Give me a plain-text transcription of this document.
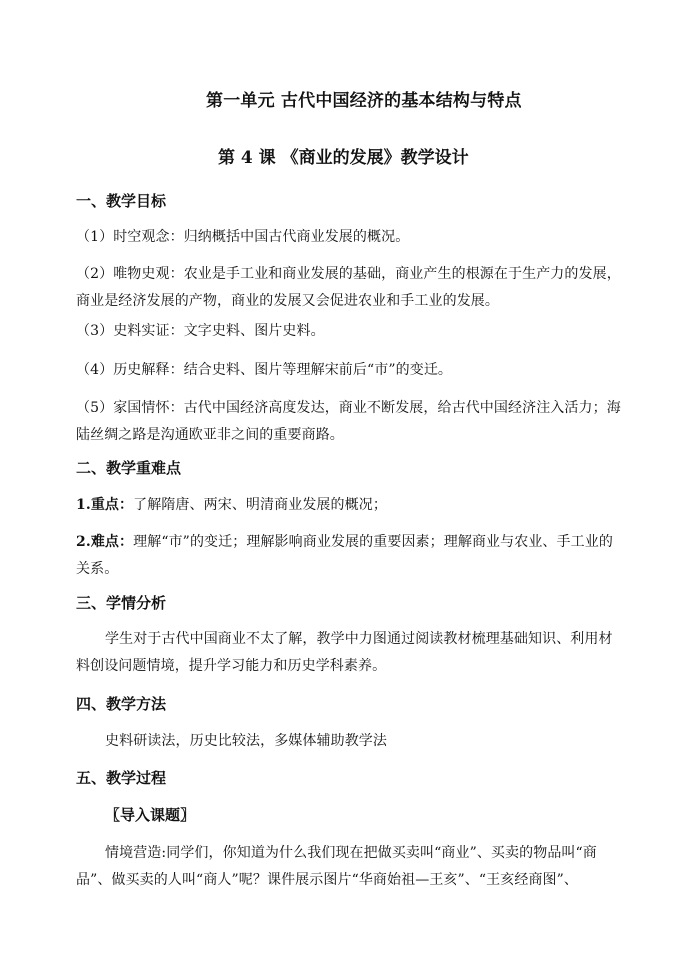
第一单元 古代中国经济的基本结构与特点
第 4 课 《商业的发展》教学设计
一、教学目标
（1）时空观念：归纳概括中国古代商业发展的概况。
（2）唯物史观：农业是手工业和商业发展的基础，商业产生的根源在于生产力的发展，商业是经济发展的产物，商业的发展又会促进农业和手工业的发展。
（3）史料实证：文字史料、图片史料。
（4）历史解释：结合史料、图片等理解宋前后“市”的变迁。
（5）家国情怀：古代中国经济高度发达，商业不断发展，给古代中国经济注入活力；海陆丝绸之路是沟通欧亚非之间的重要商路。
二、教学重难点
1.重点：了解隋唐、两宋、明清商业发展的概况；
2.难点：理解“市”的变迁；理解影响商业发展的重要因素；理解商业与农业、手工业的关系。
三、学情分析
学生对于古代中国商业不太了解，教学中力图通过阅读教材梳理基础知识、利用材料创设问题情境，提升学习能力和历史学科素养。
四、教学方法
史料研读法，历史比较法，多媒体辅助教学法
五、教学过程
〖导入课题〗
情境营造:同学们，你知道为什么我们现在把做买卖叫“商业”、买卖的物品叫“商品”、做买卖的人叫“商人”呢？课件展示图片“华商始祖—王亥”、“王亥经商图”、
